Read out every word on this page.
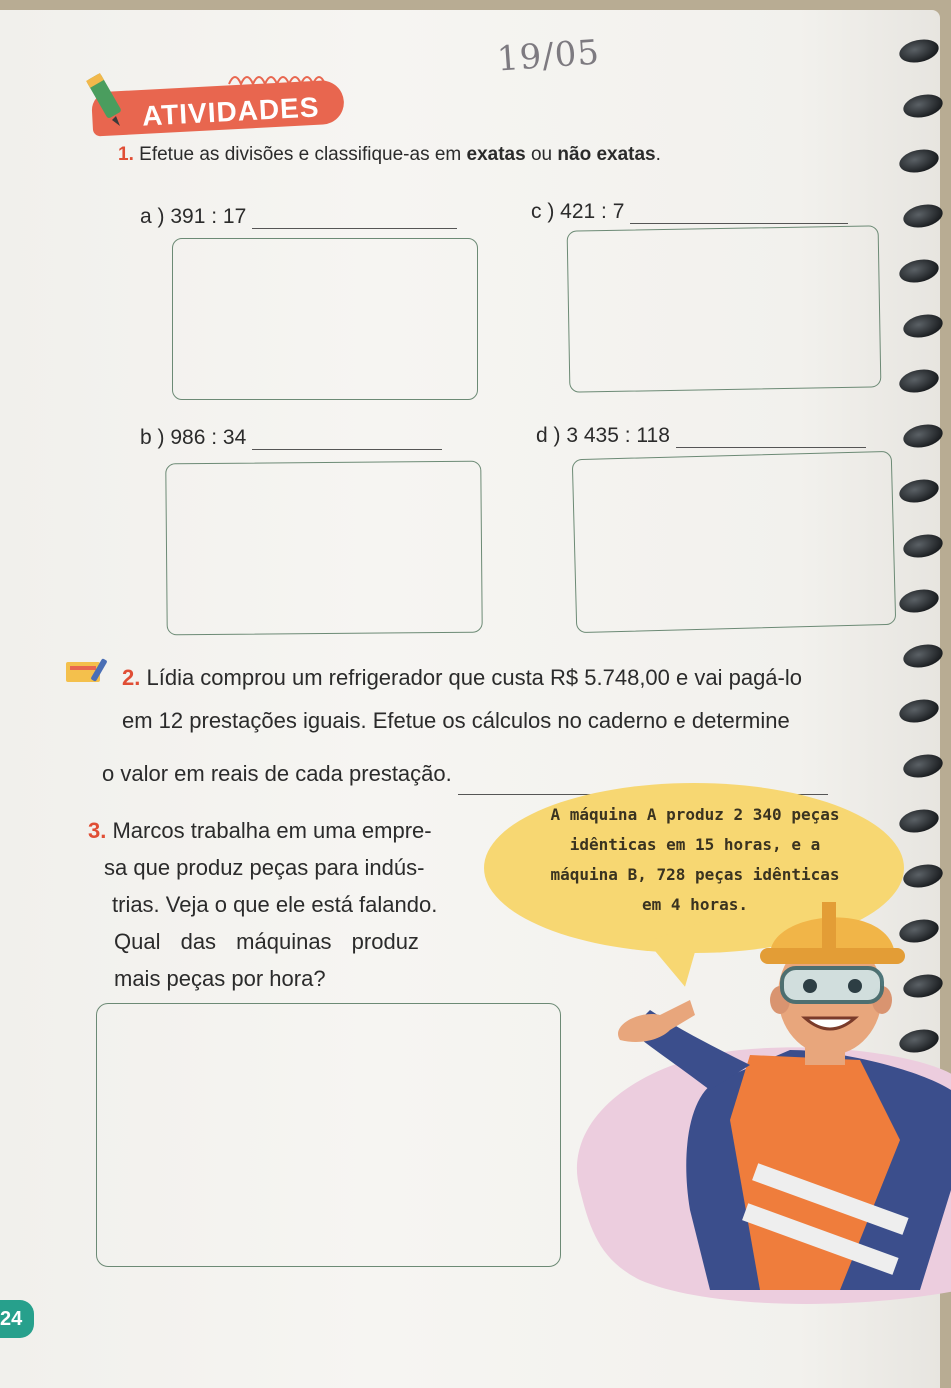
19/05
ATIVIDADES
1. Efetue as divisões e classifique-as em exatas ou não exatas.
a ) 391 : 17	c ) 421 : 7
b ) 986 : 34	d ) 3 435 : 118
2. Lídia comprou um refrigerador que custa R$ 5.748,00 e vai pagá-lo
em 12 prestações iguais. Efetue os cálculos no caderno e determine
o valor em reais de cada prestação.
3. Marcos trabalha em uma empre-
sa que produz peças para indús-
trias. Veja o que ele está falando.
Qual das máquinas produz
mais peças por hora?
A máquina A produz 2 340 peças
idênticas em 15 horas, e a
máquina B, 728 peças idênticas
em 4 horas.
24
